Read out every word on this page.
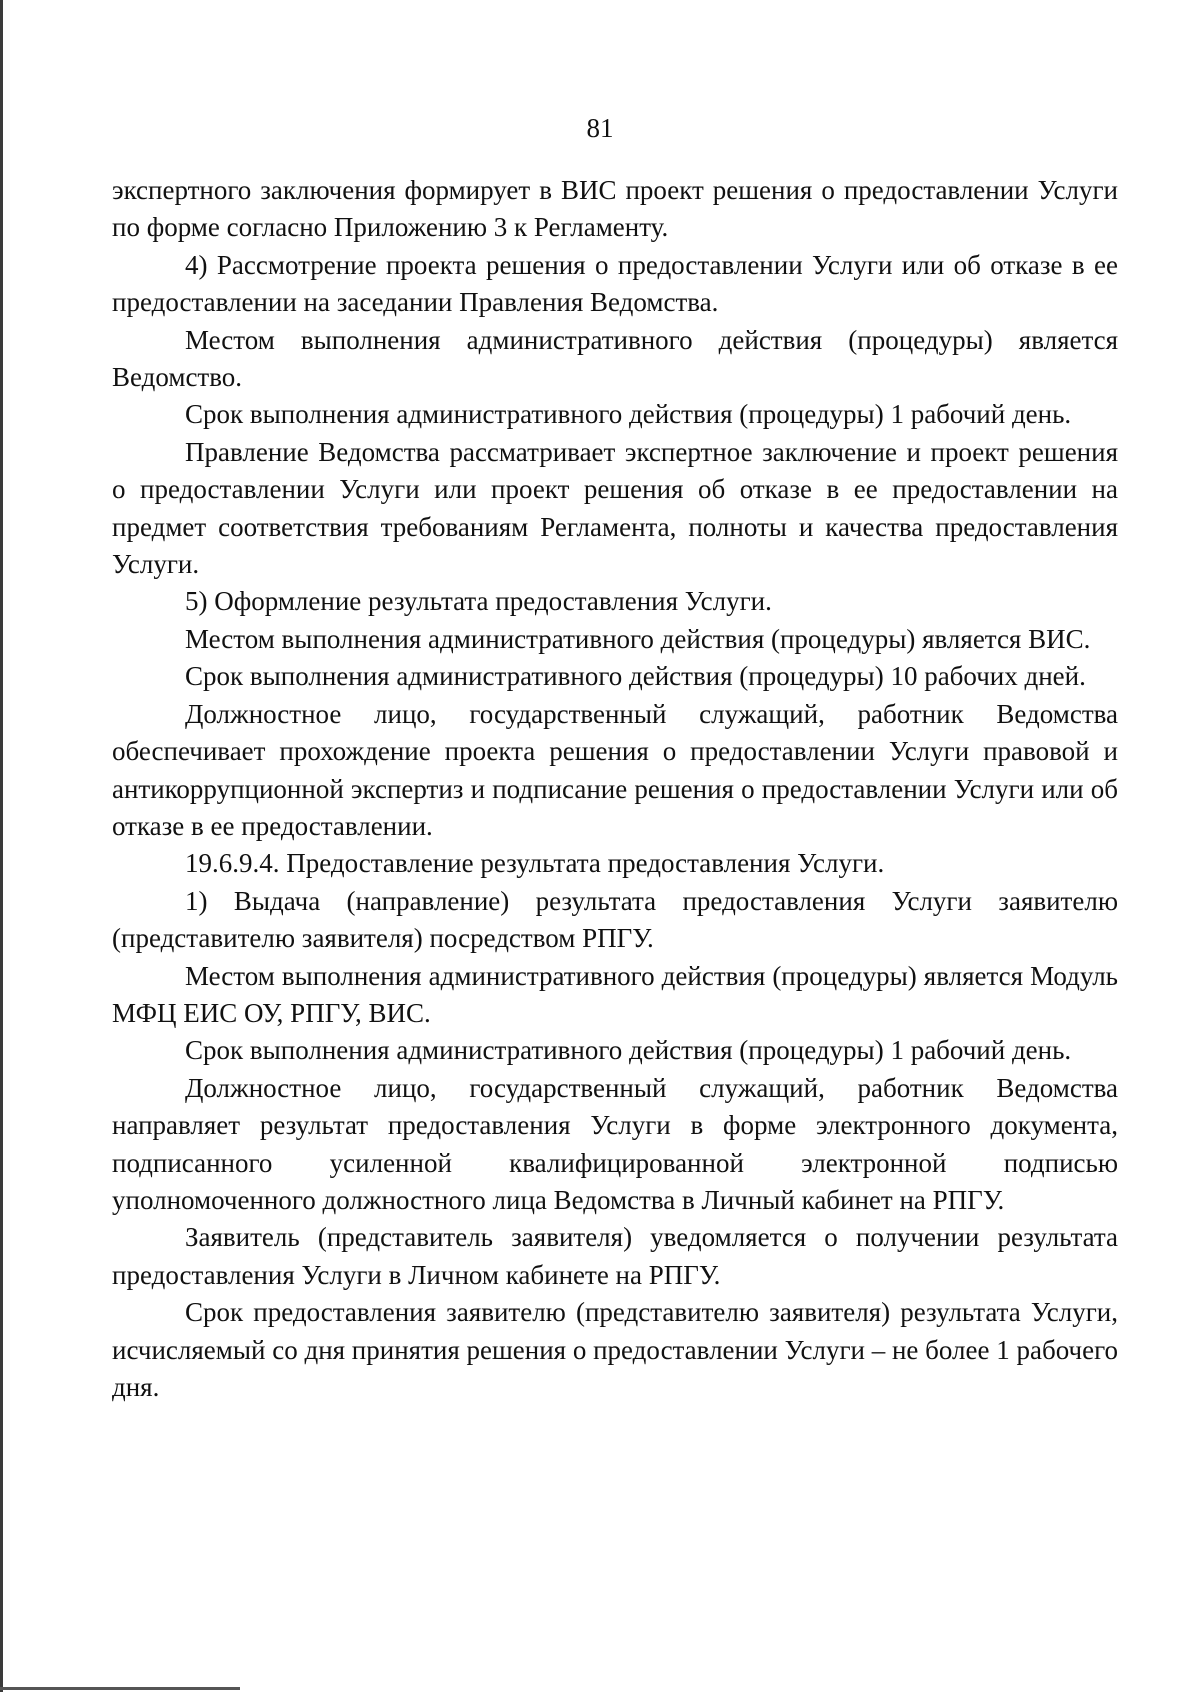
81

экспертного заключения формирует в ВИС проект решения о предоставлении Услуги по форме согласно Приложению 3 к Регламенту.

4) Рассмотрение проекта решения о предоставлении Услуги или об отказе в ее предоставлении на заседании Правления Ведомства.

Местом выполнения административного действия (процедуры) является Ведомство.

Срок выполнения административного действия (процедуры) 1 рабочий день.

Правление Ведомства рассматривает экспертное заключение и проект решения о предоставлении Услуги или проект решения об отказе в ее предоставлении на предмет соответствия требованиям Регламента, полноты и качества предоставления Услуги.

5) Оформление результата предоставления Услуги.

Местом выполнения административного действия (процедуры) является ВИС.

Срок выполнения административного действия (процедуры) 10 рабочих дней.

Должностное лицо, государственный служащий, работник Ведомства обеспечивает прохождение проекта решения о предоставлении Услуги правовой и антикоррупционной экспертиз и подписание решения о предоставлении Услуги или об отказе в ее предоставлении.

19.6.9.4. Предоставление результата предоставления Услуги.

1) Выдача (направление) результата предоставления Услуги заявителю (представителю заявителя) посредством РПГУ.

Местом выполнения административного действия (процедуры) является Модуль МФЦ ЕИС ОУ, РПГУ, ВИС.

Срок выполнения административного действия (процедуры) 1 рабочий день.

Должностное лицо, государственный служащий, работник Ведомства направляет результат предоставления Услуги в форме электронного документа, подписанного усиленной квалифицированной электронной подписью уполномоченного должностного лица Ведомства в Личный кабинет на РПГУ.

Заявитель (представитель заявителя) уведомляется о получении результата предоставления Услуги в Личном кабинете на РПГУ.

Срок предоставления заявителю (представителю заявителя) результата Услуги, исчисляемый со дня принятия решения о предоставлении Услуги – не более 1 рабочего дня.
